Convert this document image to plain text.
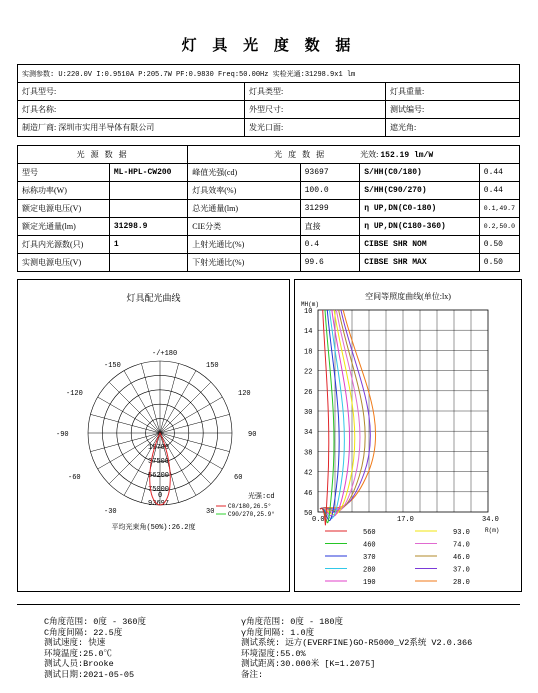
灯 具 光 度 数 据
实测参数: U:220.0V I:0.9510A P:205.7W PF:0.9830 Freq:50.00Hz 实检光通:31298.9x1 lm		
灯具型号:	灯具类型:	灯具重量:
灯具名称:	外型尺寸:	测试编号:
制造厂商: 深圳市实用半导体有限公司	发光口面:	遮光角:
光 源 数 据		光 度 数 据 光效: 152.19 lm/W			
型号	ML-HPL-CW200	峰值光强(cd)	93697	S/HH(C0/180)	0.44
标称功率(W)		灯具效率(%)	100.0	S/HH(C90/270)	0.44
额定电源电压(V)		总光通量(lm)	31299	η UP,DN(C0-180)	0.1,49.7
额定光通量(lm)	31298.9	CIE分类	直接	η UP,DN(C180-360)	0.2,50.0
灯具内光源数(只)	1	上射光通比(%)	0.4	CIBSE SHR NOM	0.50
实测电源电压(V)		下射光通比(%)	99.6	CIBSE SHR MAX	0.50
灯具配光曲线
-/+180
-150	150
-120	120
-90	90
-60	60
-30	30
0
18700
37500
56200
75000
93697
光强:cd
C0/180,26.5°
C90/270,25.9°
平均光束角(50%):26.2度
空间等照度曲线(单位:lx)
MH(m)
10
14
18
22
26
30
34
38
42
46
50
0.0	17.0	34.0
R(m)
560	93.0
460	74.0
370	46.0
280	37.0
190	28.0
C角度范围: 0度 - 360度
C角度间隔: 22.5度
测试速度: 快速
环境温度:25.0℃
测试人员:Brooke
测试日期:2021-05-05
γ角度范围: 0度 - 180度
γ角度间隔: 1.0度
测试系统: 远方(EVERFINE)GO-R5000_V2系统 V2.0.366
环境湿度:55.0%
测试距离:30.000米 [K=1.2075]
备注:
